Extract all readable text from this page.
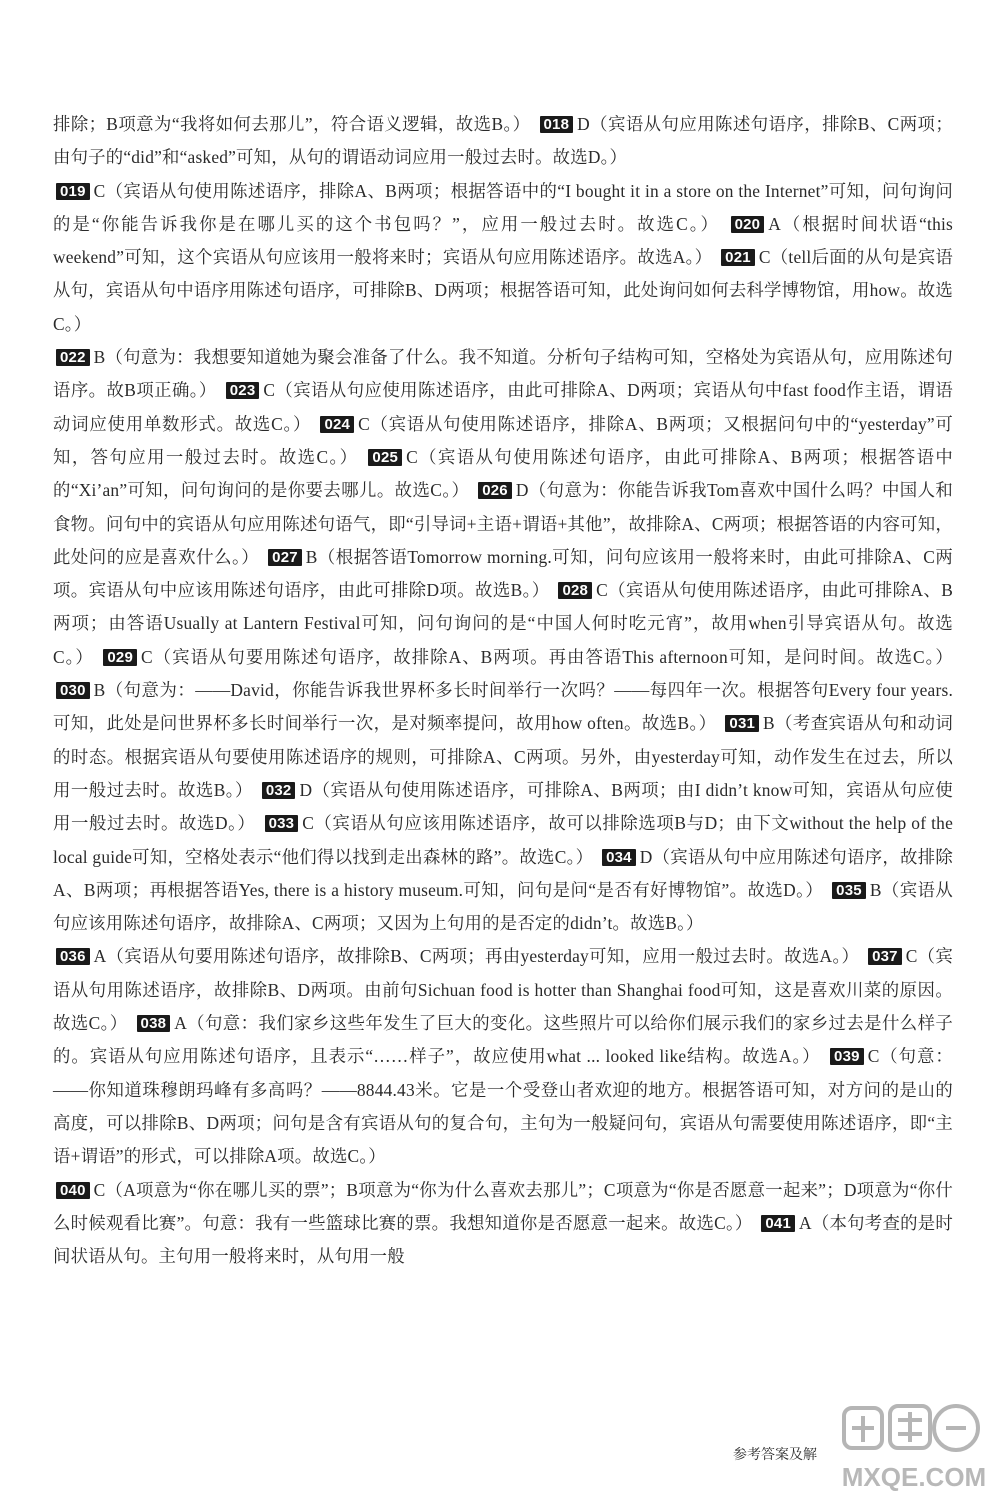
排除；B项意为“我将如何去那儿”，符合语义逻辑，故选B。） 018 D（宾语从句应用陈述句语序，排除B、C两项；由句子的“did”和“asked”可知，从句的谓语动词应用一般过去时。故选D。）

019 C（宾语从句使用陈述语序，排除A、B两项；根据答语中的“I bought it in a store on the Internet”可知，问句询问的是“你能告诉我你是在哪儿买的这个书包吗？”，应用一般过去时。故选C。） 020 A（根据时间状语“this weekend”可知，这个宾语从句应该用一般将来时；宾语从句应用陈述语序。故选A。） 021 C（tell后面的从句是宾语从句，宾语从句中语序用陈述句语序，可排除B、D两项；根据答语可知，此处询问如何去科学博物馆，用how。故选C。）

022 B（句意为：我想要知道她为聚会准备了什么。我不知道。分析句子结构可知，空格处为宾语从句，应用陈述句语序。故B项正确。） 023 C（宾语从句应使用陈述语序，由此可排除A、D两项；宾语从句中fast food作主语，谓语动词应使用单数形式。故选C。） 024 C（宾语从句使用陈述语序，排除A、B两项；又根据问句中的“yesterday”可知，答句应用一般过去时。故选C。） 025 C（宾语从句使用陈述句语序，由此可排除A、B两项；根据答语中的“Xi’an”可知，问句询问的是你要去哪儿。故选C。） 026 D（句意为：你能告诉我Tom喜欢中国什么吗？中国人和食物。问句中的宾语从句应用陈述句语气，即“引导词+主语+谓语+其他”，故排除A、C两项；根据答语的内容可知，此处问的应是喜欢什么。） 027 B（根据答语Tomorrow morning.可知，问句应该用一般将来时，由此可排除A、C两项。宾语从句中应该用陈述句语序，由此可排除D项。故选B。） 028 C（宾语从句使用陈述语序，由此可排除A、B两项；由答语Usually at Lantern Festival可知，问句询问的是“中国人何时吃元宵”，故用when引导宾语从句。故选C。） 029 C（宾语从句要用陈述句语序，故排除A、B两项。再由答语This afternoon可知，是问时间。故选C。） 030 B（句意为：——David，你能告诉我世界杯多长时间举行一次吗？——每四年一次。根据答句Every four years.可知，此处是问世界杯多长时间举行一次，是对频率提问，故用how often。故选B。） 031 B（考查宾语从句和动词的时态。根据宾语从句要使用陈述语序的规则，可排除A、C两项。另外，由yesterday可知，动作发生在过去，所以用一般过去时。故选B。） 032 D（宾语从句使用陈述语序，可排除A、B两项；由I didn’t know可知，宾语从句应使用一般过去时。故选D。） 033 C（宾语从句应该用陈述语序，故可以排除选项B与D；由下文without the help of the local guide可知，空格处表示“他们得以找到走出森林的路”。故选C。） 034 D（宾语从句中应用陈述句语序，故排除A、B两项；再根据答语Yes, there is a history museum.可知，问句是问“是否有好博物馆”。故选D。） 035 B（宾语从句应该用陈述句语序，故排除A、C两项；又因为上句用的是否定的didn’t。故选B。）

036 A（宾语从句要用陈述句语序，故排除B、C两项；再由yesterday可知，应用一般过去时。故选A。） 037 C（宾语从句用陈述语序，故排除B、D两项。由前句Sichuan food is hotter than Shanghai food可知，这是喜欢川菜的原因。故选C。） 038 A（句意：我们家乡这些年发生了巨大的变化。这些照片可以给你们展示我们的家乡过去是什么样子的。宾语从句应用陈述句语序，且表示“……样子”，故应使用what ... looked like结构。故选A。） 039 C（句意：——你知道珠穆朗玛峰有多高吗？——8844.43米。它是一个受登山者欢迎的地方。根据答语可知，对方问的是山的高度，可以排除B、D两项；问句是含有宾语从句的复合句，主句为一般疑问句，宾语从句需要使用陈述语序，即“主语+谓语”的形式，可以排除A项。故选C。）

040 C（A项意为“你在哪儿买的票”；B项意为“你为什么喜欢去那儿”；C项意为“你是否愿意一起来”；D项意为“你什么时候观看比赛”。句意：我有一些篮球比赛的票。我想知道你是否愿意一起来。故选C。） 041 A（本句考查的是时间状语从句。主句用一般将来时，从句用一般

参考答案及解
MXQE.COM
